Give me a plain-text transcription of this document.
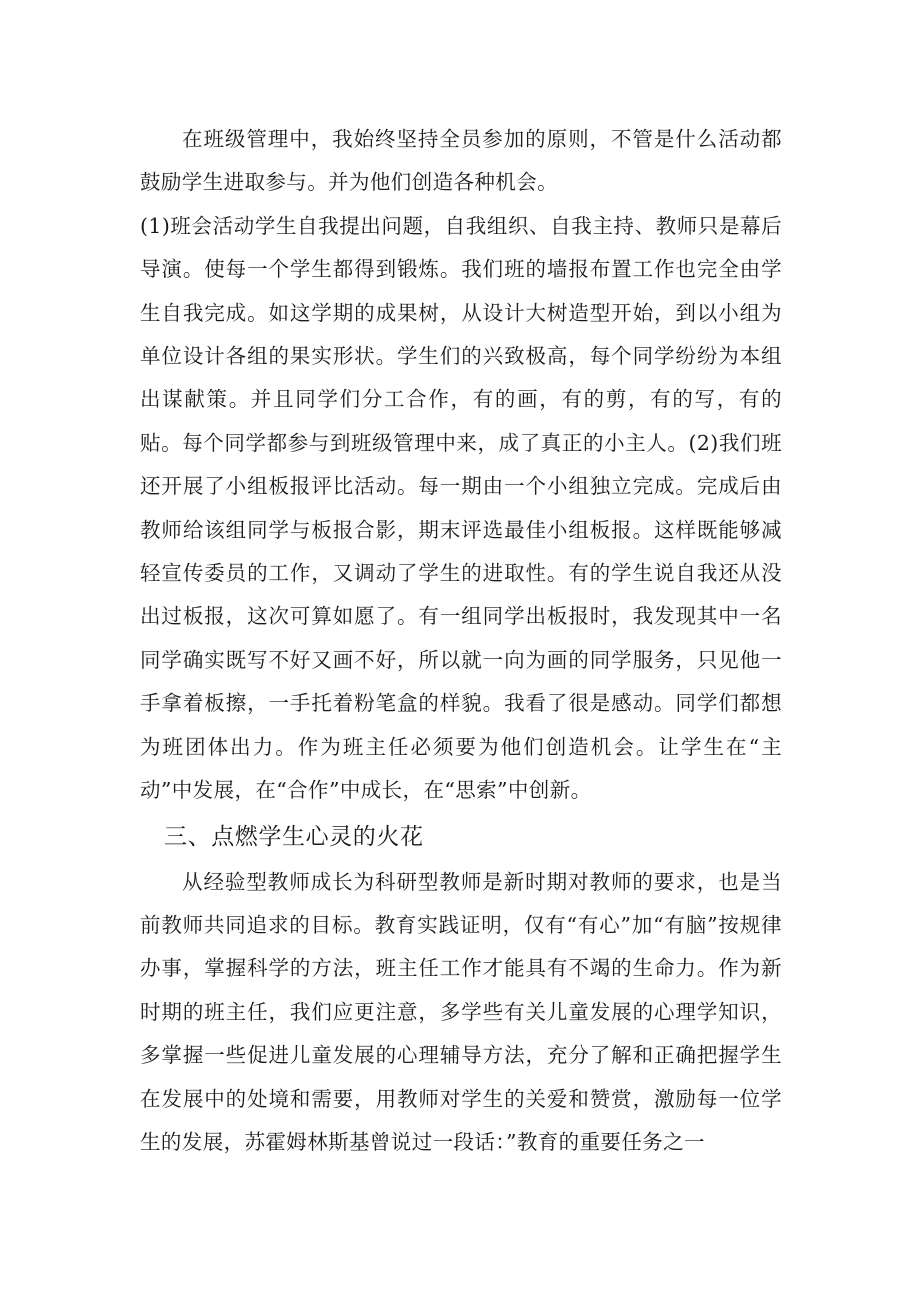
在班级管理中，我始终坚持全员参加的原则，不管是什么活动都鼓励学生进取参与。并为他们创造各种机会。

(1)班会活动学生自我提出问题，自我组织、自我主持、教师只是幕后导演。使每一个学生都得到锻炼。我们班的墙报布置工作也完全由学生自我完成。如这学期的成果树，从设计大树造型开始，到以小组为单位设计各组的果实形状。学生们的兴致极高，每个同学纷纷为本组出谋献策。并且同学们分工合作，有的画，有的剪，有的写，有的贴。每个同学都参与到班级管理中来，成了真正的小主人。(2)我们班还开展了小组板报评比活动。每一期由一个小组独立完成。完成后由教师给该组同学与板报合影，期末评选最佳小组板报。这样既能够减轻宣传委员的工作，又调动了学生的进取性。有的学生说自我还从没出过板报，这次可算如愿了。有一组同学出板报时，我发现其中一名同学确实既写不好又画不好，所以就一向为画的同学服务，只见他一手拿着板擦，一手托着粉笔盒的样貌。我看了很是感动。同学们都想为班团体出力。作为班主任必须要为他们创造机会。让学生在“主动”中发展，在“合作”中成长，在“思索”中创新。

三、点燃学生心灵的火花

从经验型教师成长为科研型教师是新时期对教师的要求，也是当前教师共同追求的目标。教育实践证明，仅有“有心”加“有脑”按规律办事，掌握科学的方法，班主任工作才能具有不竭的生命力。作为新时期的班主任，我们应更注意，多学些有关儿童发展的心理学知识，多掌握一些促进儿童发展的心理辅导方法，充分了解和正确把握学生在发展中的处境和需要，用教师对学生的关爱和赞赏，激励每一位学生的发展，苏霍姆林斯基曾说过一段话：”教育的重要任务之一
